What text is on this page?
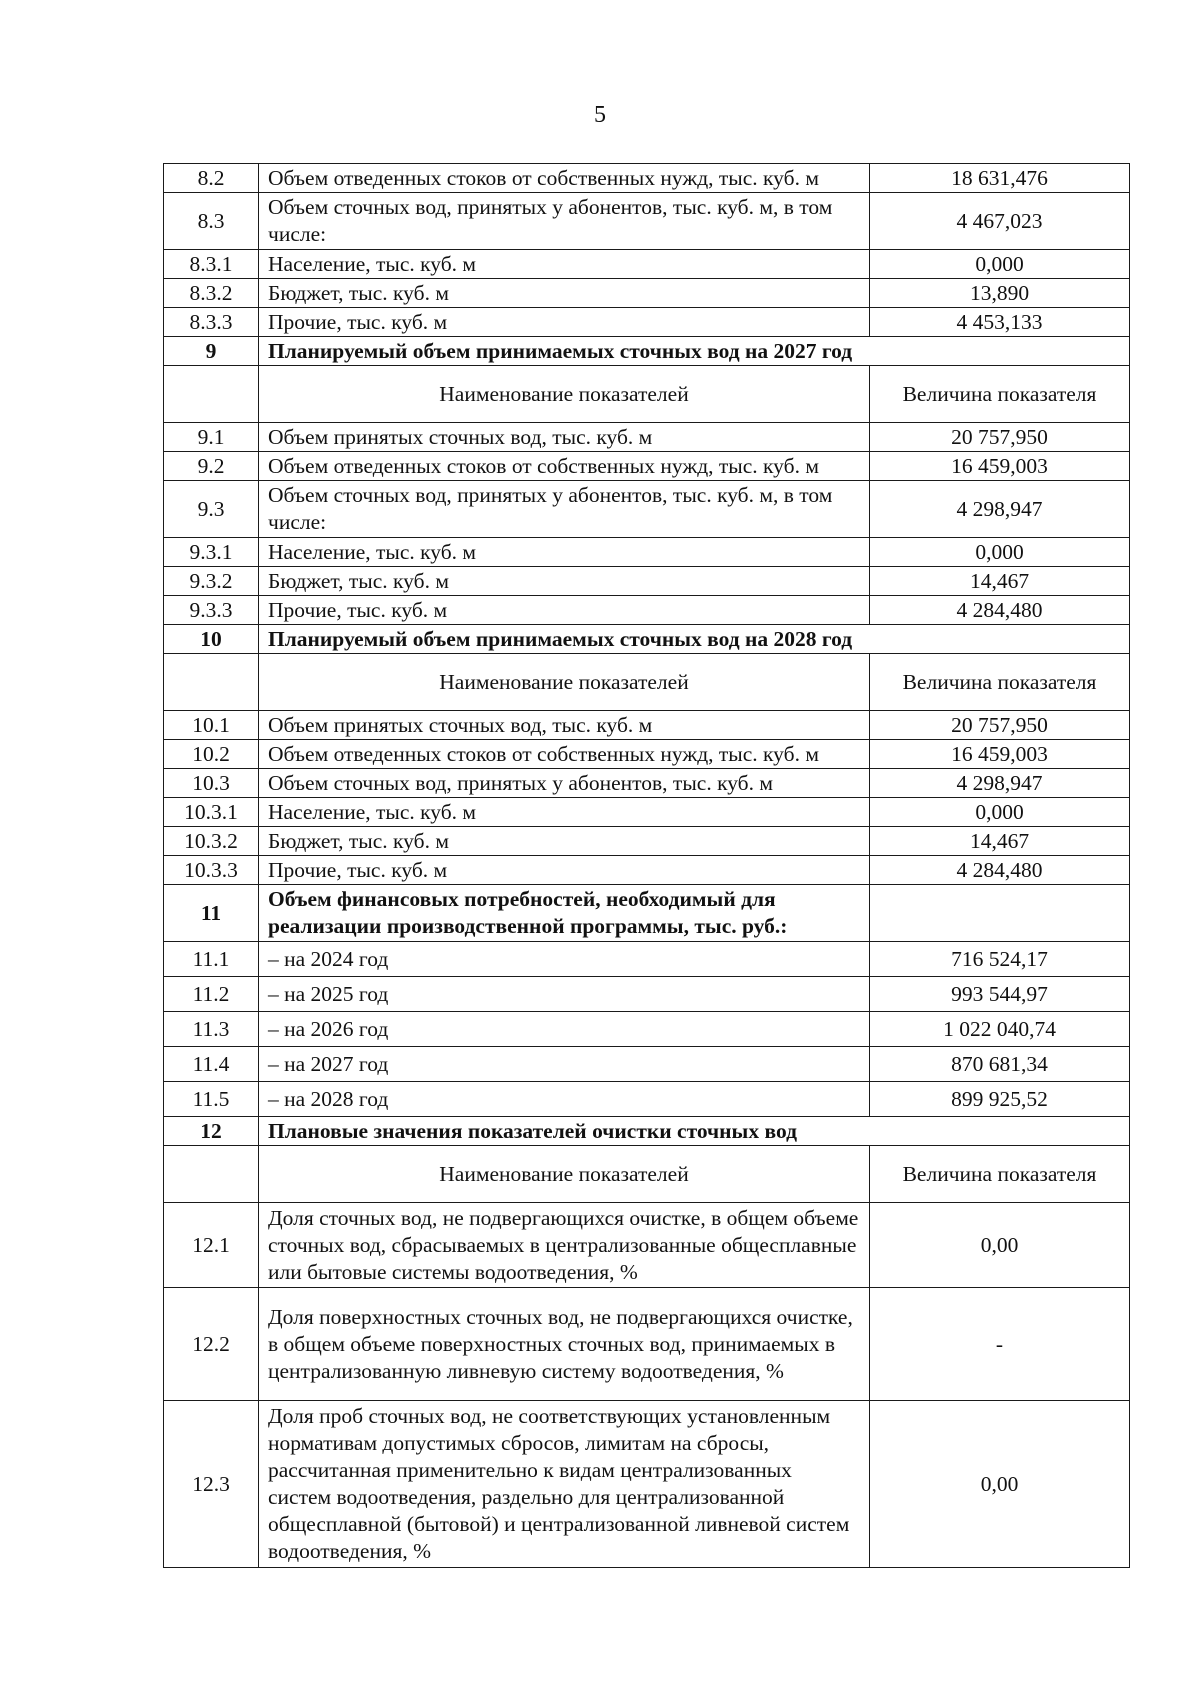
5
8.2	Объем отведенных стоков от собственных нужд, тыс. куб. м	18 631,476
8.3	Объем сточных вод, принятых у абонентов, тыс. куб. м, в том числе:	4 467,023
8.3.1	Население, тыс. куб. м	0,000
8.3.2	Бюджет, тыс. куб. м	13,890
8.3.3	Прочие, тыс. куб. м	4 453,133
9	Планируемый объем принимаемых сточных вод на 2027 год	
	Наименование показателей	Величина показателя
9.1	Объем принятых сточных вод, тыс. куб. м	20 757,950
9.2	Объем отведенных стоков от собственных нужд, тыс. куб. м	16 459,003
9.3	Объем сточных вод, принятых у абонентов, тыс. куб. м, в том числе:	4 298,947
9.3.1	Население, тыс. куб. м	0,000
9.3.2	Бюджет, тыс. куб. м	14,467
9.3.3	Прочие, тыс. куб. м	4 284,480
10	Планируемый объем принимаемых сточных вод на 2028 год	
	Наименование показателей	Величина показателя
10.1	Объем принятых сточных вод, тыс. куб. м	20 757,950
10.2	Объем отведенных стоков от собственных нужд, тыс. куб. м	16 459,003
10.3	Объем сточных вод, принятых у абонентов, тыс. куб. м	4 298,947
10.3.1	Население, тыс. куб. м	0,000
10.3.2	Бюджет, тыс. куб. м	14,467
10.3.3	Прочие, тыс. куб. м	4 284,480
11	Объем финансовых потребностей, необходимый для реализации производственной программы, тыс. руб.:	
11.1	– на 2024 год	716 524,17
11.2	– на 2025 год	993 544,97
11.3	– на 2026 год	1 022 040,74
11.4	– на 2027 год	870 681,34
11.5	– на 2028 год	899 925,52
12	Плановые значения показателей очистки сточных вод	
	Наименование показателей	Величина показателя
12.1	Доля сточных вод, не подвергающихся очистке, в общем объеме сточных вод, сбрасываемых в централизованные общесплавные или бытовые системы водоотведения, %	0,00
12.2	Доля поверхностных сточных вод, не подвергающихся очистке, в общем объеме поверхностных сточных вод, принимаемых в централизованную ливневую систему водоотведения, %	-
12.3	Доля проб сточных вод, не соответствующих установленным нормативам допустимых сбросов, лимитам на сбросы, рассчитанная применительно к видам централизованных систем водоотведения, раздельно для централизованной общесплавной (бытовой) и централизованной ливневой систем водоотведения, %	0,00
